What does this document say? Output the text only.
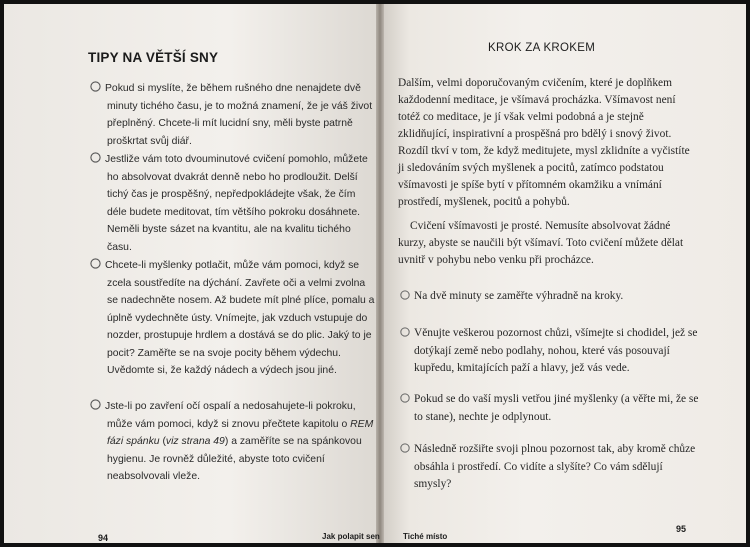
TIPY NA VĚTŠÍ SNY
Pokud si myslíte, že během rušného dne nenajdete dvě minuty tichého času, je to možná znamení, že je váš život přeplněný. Chcete-li mít lucidní sny, měli byste patrně proškrtat svůj diář.
Jestliže vám toto dvouminutové cvičení pomohlo, můžete ho absolvovat dvakrát denně nebo ho prodloužit. Delší tichý čas je prospěšný, nepředpokládejte však, že čím déle budete meditovat, tím většího pokroku dosáhnete. Neměli byste sázet na kvantitu, ale na kvalitu tichého času.
Chcete-li myšlenky potlačit, může vám pomoci, když se zcela soustředíte na dýchání. Zavřete oči a velmi zvolna se nadechněte nosem. Až budete mít plné plíce, pomalu a úplně vydechněte ústy. Vnímejte, jak vzduch vstupuje do nozder, prostupuje hrdlem a dostává se do plic. Jaký to je pocit? Zaměřte se na svoje pocity během výdechu. Uvědomte si, že každý nádech a výdech jsou jiné.
Jste-li po zavření očí ospalí a nedosahujete-li pokroku, může vám pomoci, když si znovu přečtete kapitolu o REM fázi spánku (viz strana 49) a zaměříte se na spánkovou hygienu. Je rovněž důležité, abyste toto cvičení neabsolvovali vleže.
94	Jak polapit sen
KROK ZA KROKEM
Dalším, velmi doporučovaným cvičením, které je doplňkem každodenní meditace, je všímavá procházka. Všímavost není totéž co meditace, je jí však velmi podobná a je stejně zklidňující, inspirativní a prospěšná pro bdělý i snový život. Rozdíl tkví v tom, že když meditujete, mysl zklidníte a vyčistíte ji sledováním svých myšlenek a pocitů, zatímco podstatou všímavosti je spíše bytí v přítomném okamžiku a vnímání prostředí, myšlenek, pocitů a pohybů.
Cvičení všímavosti je prosté. Nemusíte absolvovat žádné kurzy, abyste se naučili být všímaví. Toto cvičení můžete dělat uvnitř v pohybu nebo venku při procházce.
Na dvě minuty se zaměřte výhradně na kroky.
Věnujte veškerou pozornost chůzi, všímejte si chodidel, jež se dotýkají země nebo podlahy, nohou, které vás posouvají kupředu, kmitajících paží a hlavy, jež vás vede.
Pokud se do vaší mysli vetřou jiné myšlenky (a věřte mi, že se to stane), nechte je odplynout.
Následně rozšiřte svoji plnou pozornost tak, aby kromě chůze obsáhla i prostředí. Co vidíte a slyšíte? Co vám sdělují smysly?
Tiché místo
95
